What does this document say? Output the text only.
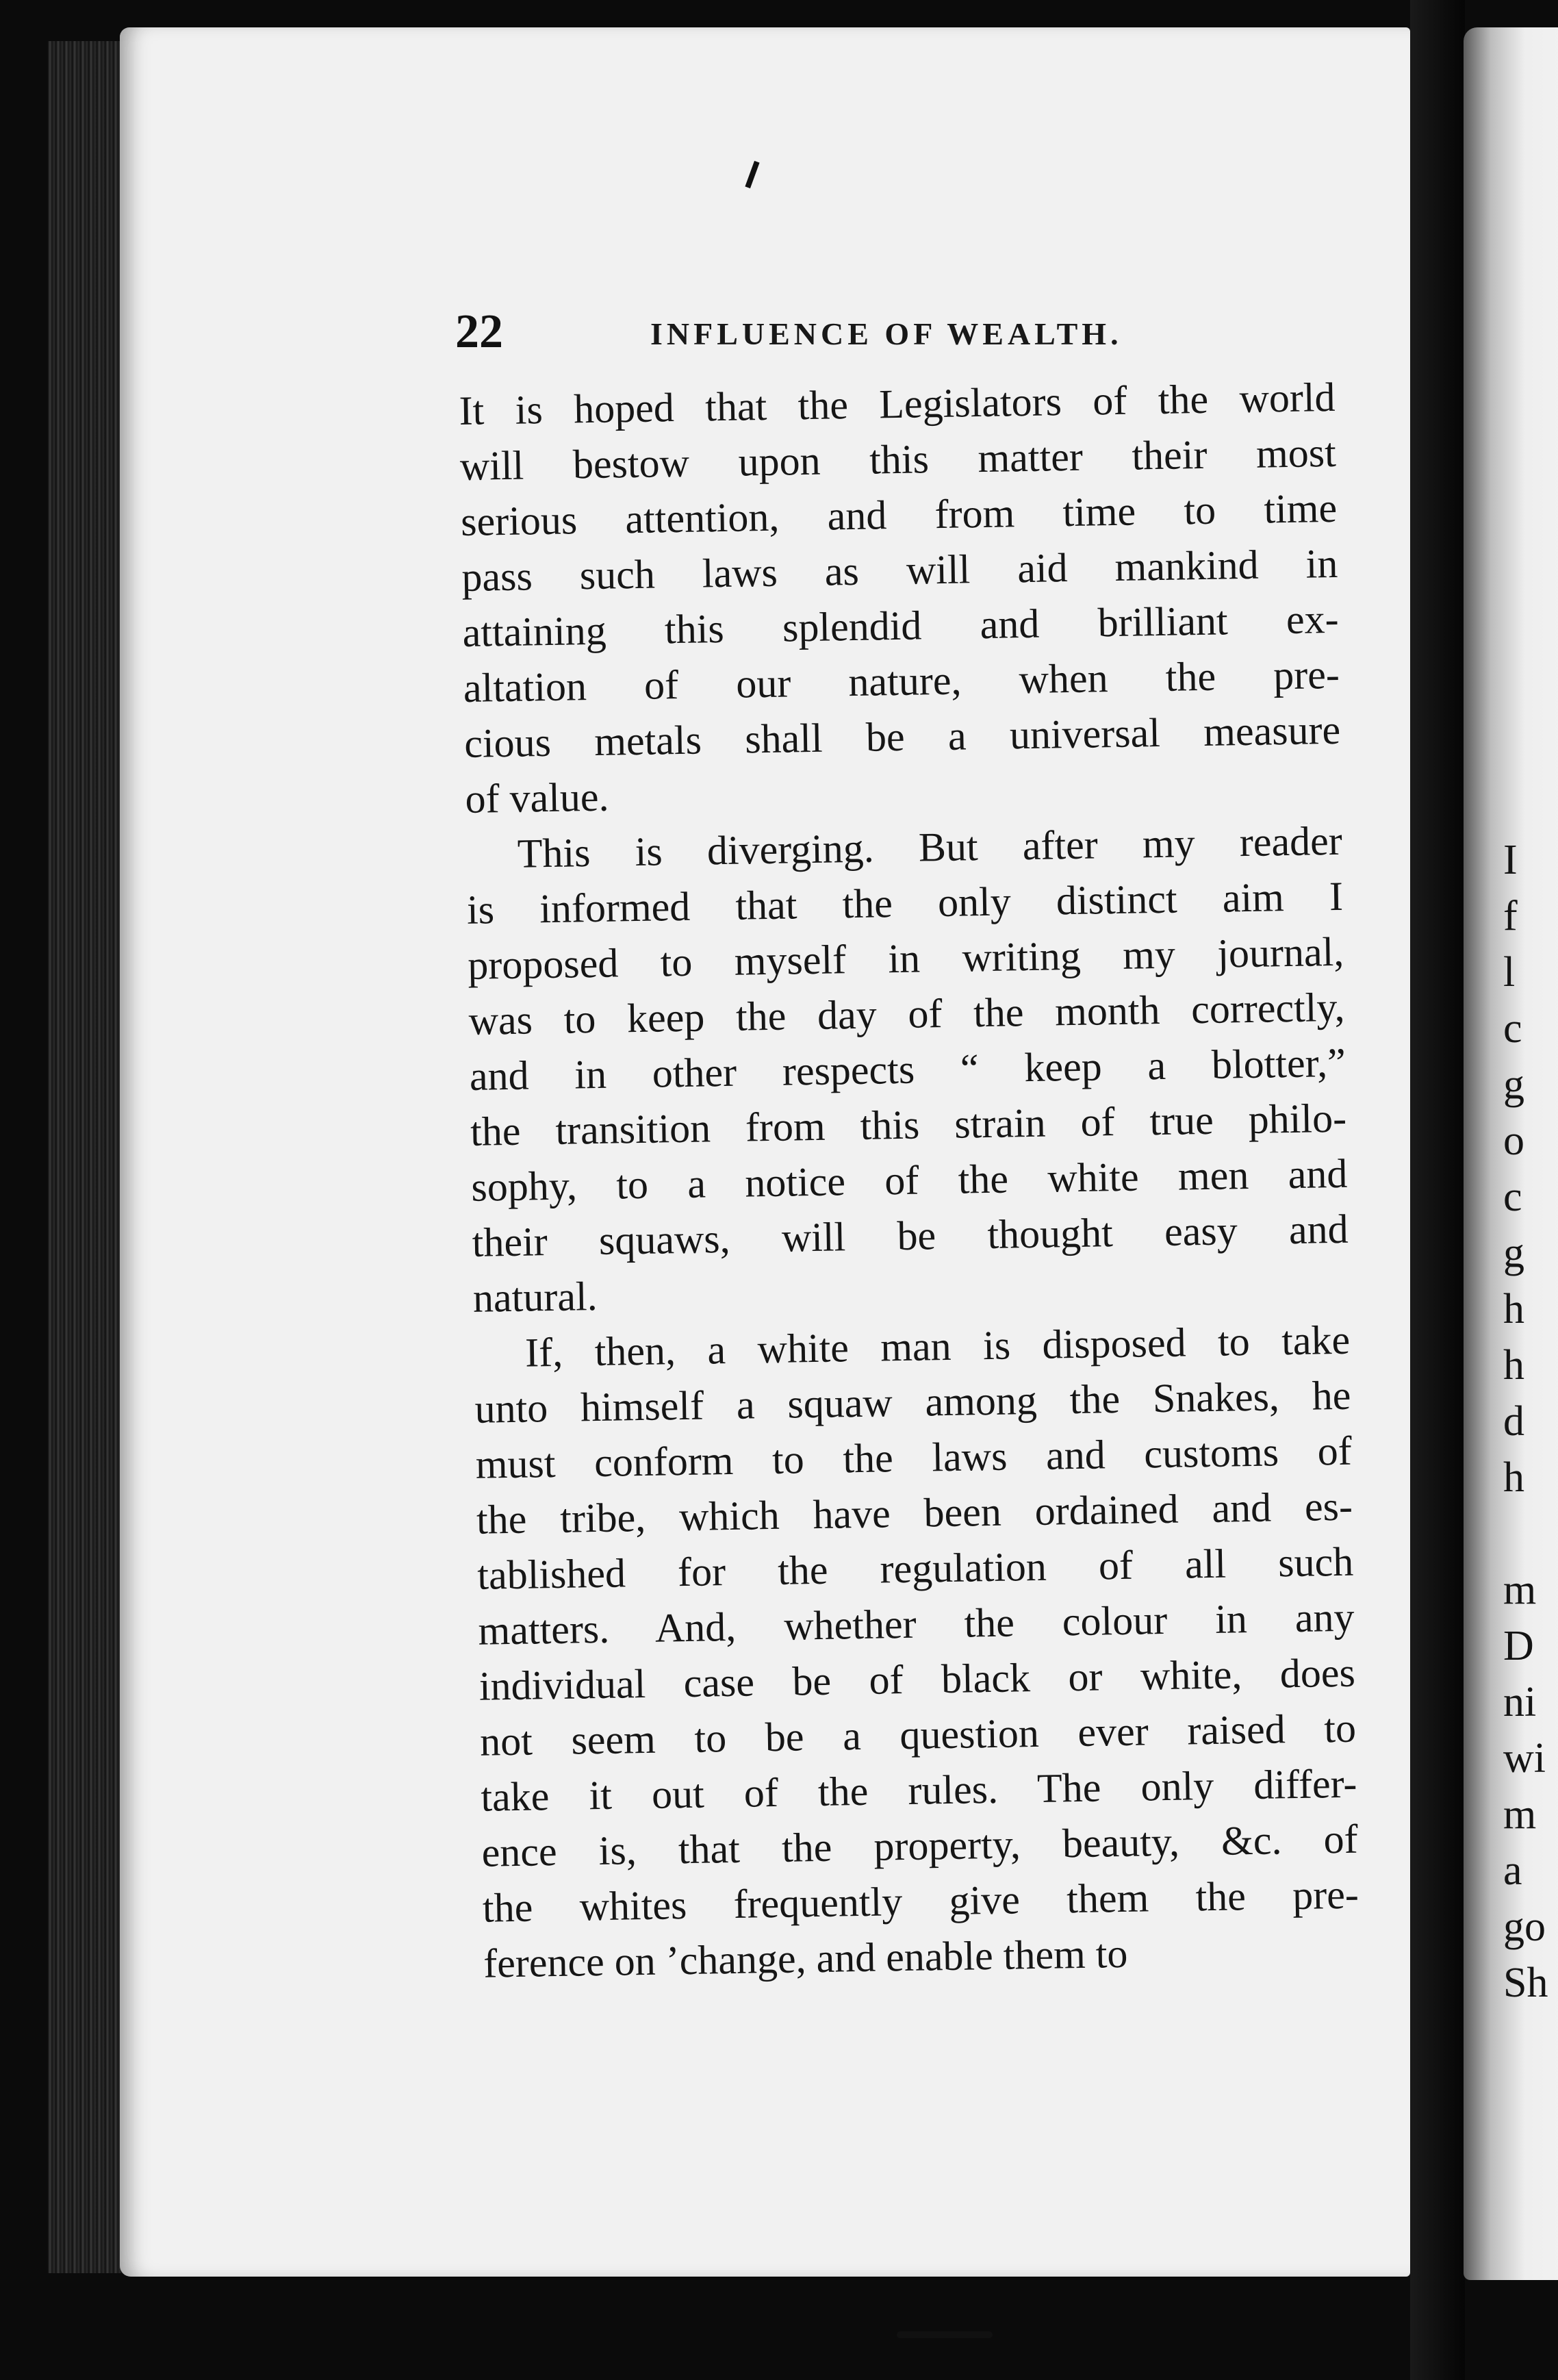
I
f
l
c
g
o
c
g
h
h
d
h

m
D
ni
wi
m
a
go
Sh
22	INFLUENCE OF WEALTH.

It is hoped that the Legislators of the world
will bestow upon this matter their most
serious attention, and from time to time
pass such laws as will aid mankind in
attaining this splendid and brilliant ex-
altation of our nature, when the pre-
cious metals shall be a universal measure
of value.

This is diverging. But after my reader
is informed that the only distinct aim I
proposed to myself in writing my journal,
was to keep the day of the month correctly,
and in other respects “ keep a blotter,”
the transition from this strain of true philo-
sophy, to a notice of the white men and
their squaws, will be thought easy and
natural.

If, then, a white man is disposed to take
unto himself a squaw among the Snakes, he
must conform to the laws and customs of
the tribe, which have been ordained and es-
tablished for the regulation of all such
matters. And, whether the colour in any
individual case be of black or white, does
not seem to be a question ever raised to
take it out of the rules. The only differ-
ence is, that the property, beauty, &c. of
the whites frequently give them the pre-
ference on ’change, and enable them to
